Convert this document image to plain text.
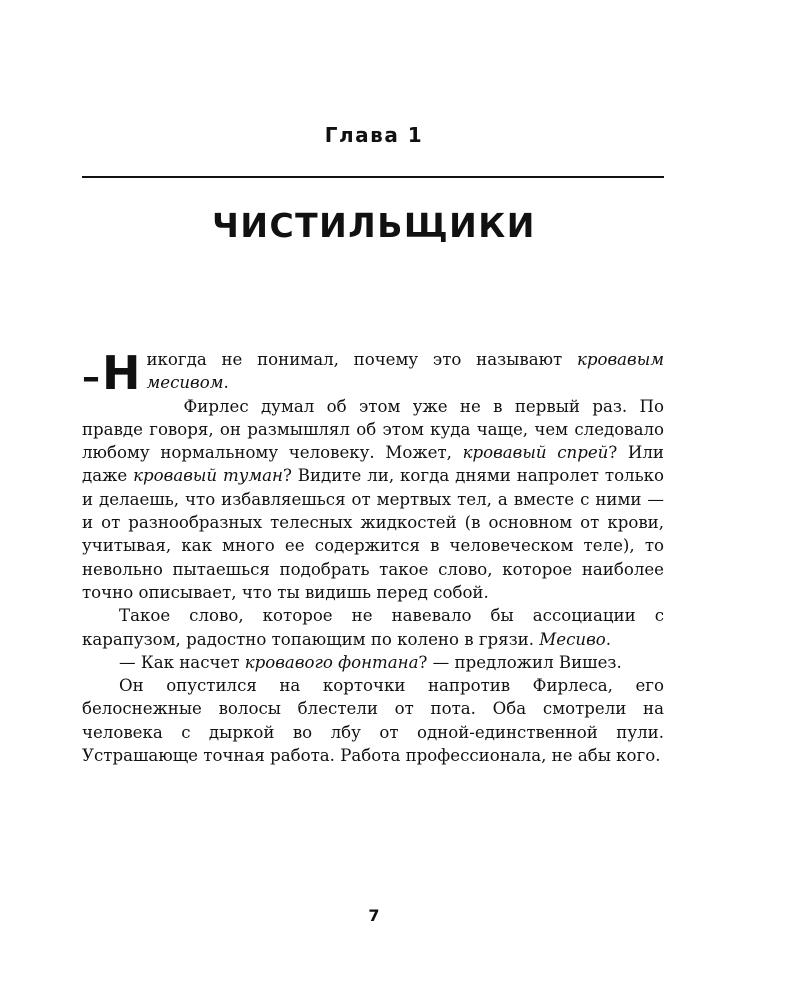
Глава 1
ЧИСТИЛЬЩИКИ

–Н икогда не понимал, почему это называют кровавым месивом.

Фирлес думал об этом уже не в первый раз. По правде говоря, он размышлял об этом куда чаще, чем следовало любому нормальному человеку. Может, кровавый спрей? Или даже кровавый туман? Видите ли, когда днями напролет только и делаешь, что избавляешься от мертвых тел, а вместе с ними — и от разнообразных телесных жидкостей (в основном от крови, учитывая, как много ее содержится в человеческом теле), то невольно пытаешься подобрать такое слово, которое наиболее точно описывает, что ты видишь перед собой.

Такое слово, которое не навевало бы ассоциации с карапузом, радостно топающим по колено в грязи. Месиво.

— Как насчет кровавого фонтана? — предложил Вишез.

Он опустился на корточки напротив Фирлеса, его белоснежные волосы блестели от пота. Оба смотрели на человека с дыркой во лбу от одной-единственной пули. Устрашающе точная работа. Работа профессионала, не абы кого.

7
